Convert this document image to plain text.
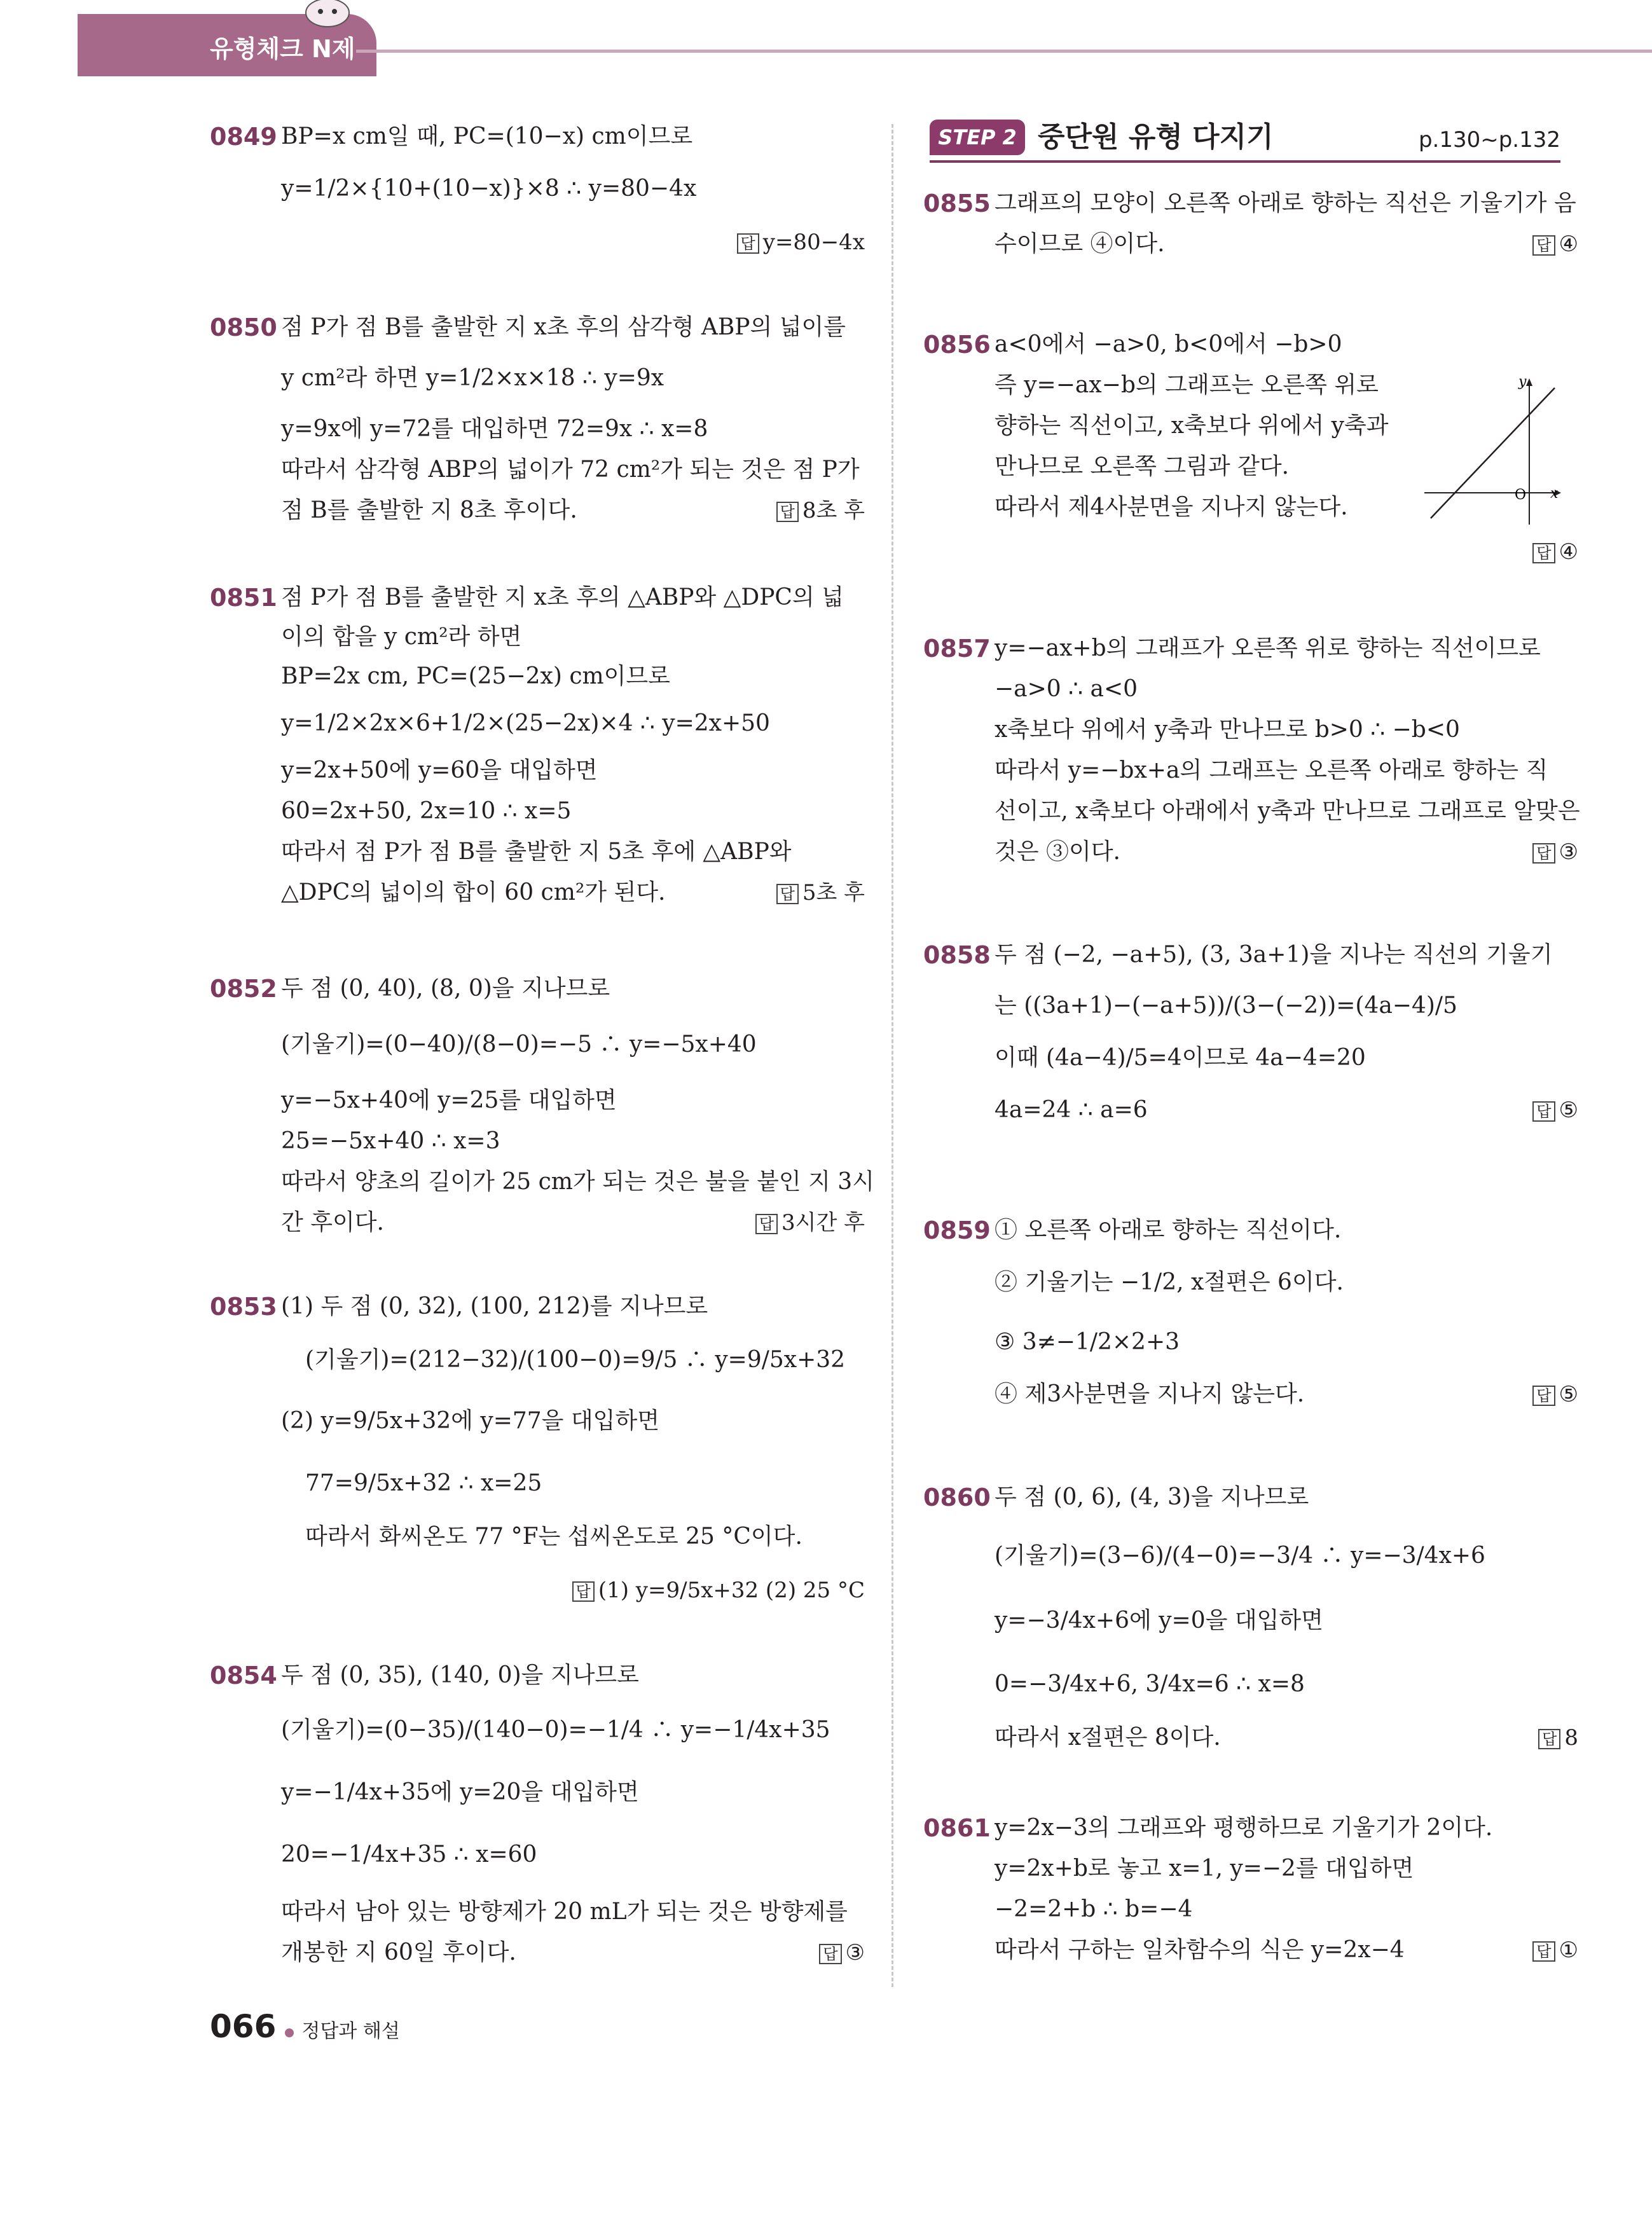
유형체크 N제
STEP 2 중단원 유형 다지기	p.130~p.132
0849 BP=x cm일 때, PC=(10−x) cm이므로
y=1/2×{10+(10−x)}×8 ∴ y=80−4x
답 y=80−4x
0850 점 P가 점 B를 출발한 지 x초 후의 삼각형 ABP의 넓이를
y cm²라 하면 y=1/2×x×18 ∴ y=9x
y=9x에 y=72를 대입하면 72=9x ∴ x=8
따라서 삼각형 ABP의 넓이가 72 cm²가 되는 것은 점 P가
점 B를 출발한 지 8초 후이다.	답 8초 후
0851 점 P가 점 B를 출발한 지 x초 후의 △ABP와 △DPC의 넓
이의 합을 y cm²라 하면
BP=2x cm, PC=(25−2x) cm이므로
y=1/2×2x×6+1/2×(25−2x)×4 ∴ y=2x+50
y=2x+50에 y=60을 대입하면
60=2x+50, 2x=10 ∴ x=5
따라서 점 P가 점 B를 출발한 지 5초 후에 △ABP와
△DPC의 넓이의 합이 60 cm²가 된다.	답 5초 후
0852 두 점 (0, 40), (8, 0)을 지나므로
(기울기)=(0−40)/(8−0)=−5 ∴ y=−5x+40
y=−5x+40에 y=25를 대입하면
25=−5x+40 ∴ x=3
따라서 양초의 길이가 25 cm가 되는 것은 불을 붙인 지 3시
간 후이다.	답 3시간 후
0853 (1) 두 점 (0, 32), (100, 212)를 지나므로
(기울기)=(212−32)/(100−0)=9/5 ∴ y=9/5x+32
(2) y=9/5x+32에 y=77을 대입하면
77=9/5x+32 ∴ x=25
따라서 화씨온도 77 °F는 섭씨온도로 25 °C이다.
답 (1) y=9/5x+32 (2) 25 °C
0854 두 점 (0, 35), (140, 0)을 지나므로
(기울기)=(0−35)/(140−0)=−1/4 ∴ y=−1/4x+35
y=−1/4x+35에 y=20을 대입하면
20=−1/4x+35 ∴ x=60
따라서 남아 있는 방향제가 20 mL가 되는 것은 방향제를
개봉한 지 60일 후이다.	답 ③
0855 그래프의 모양이 오른쪽 아래로 향하는 직선은 기울기가 음
수이므로 ④이다.	답 ④
0856 a<0에서 −a>0, b<0에서 −b>0
즉 y=−ax−b의 그래프는 오른쪽 위로
향하는 직선이고, x축보다 위에서 y축과
만나므로 오른쪽 그림과 같다.
따라서 제4사분면을 지나지 않는다.
답 ④
y
x
O
0857 y=−ax+b의 그래프가 오른쪽 위로 향하는 직선이므로
−a>0 ∴ a<0
x축보다 위에서 y축과 만나므로 b>0 ∴ −b<0
따라서 y=−bx+a의 그래프는 오른쪽 아래로 향하는 직
선이고, x축보다 아래에서 y축과 만나므로 그래프로 알맞은
것은 ③이다.	답 ③
0858 두 점 (−2, −a+5), (3, 3a+1)을 지나는 직선의 기울기
는 ((3a+1)−(−a+5))/(3−(−2))=(4a−4)/5
이때 (4a−4)/5=4이므로 4a−4=20
4a=24 ∴ a=6	답 ⑤
0859 ① 오른쪽 아래로 향하는 직선이다.
② 기울기는 −1/2, x절편은 6이다.
③ 3≠−1/2×2+3
④ 제3사분면을 지나지 않는다.	답 ⑤
0860 두 점 (0, 6), (4, 3)을 지나므로
(기울기)=(3−6)/(4−0)=−3/4 ∴ y=−3/4x+6
y=−3/4x+6에 y=0을 대입하면
0=−3/4x+6, 3/4x=6 ∴ x=8
따라서 x절편은 8이다.	답 8
0861 y=2x−3의 그래프와 평행하므로 기울기가 2이다.
y=2x+b로 놓고 x=1, y=−2를 대입하면
−2=2+b ∴ b=−4
따라서 구하는 일차함수의 식은 y=2x−4	답 ①
066 정답과 해설
